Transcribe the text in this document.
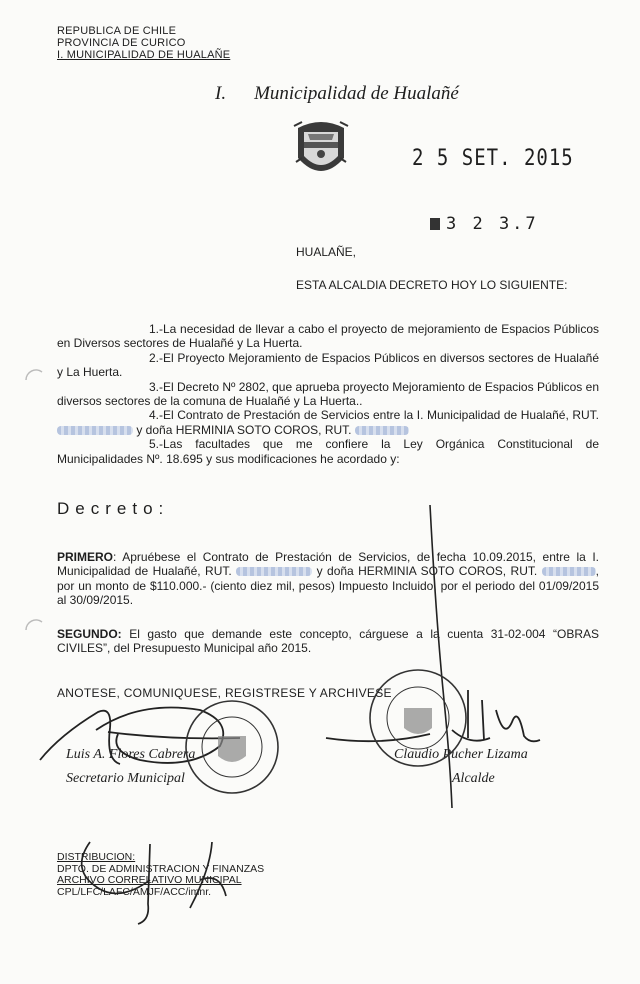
REPUBLICA DE CHILE
PROVINCIA DE CURICO
I. MUNICIPALIDAD DE HUALAÑE
I. Municipalidad de Hualañé
2 5 SET. 2015
3 2 3.7
HUALAÑE,
ESTA ALCALDIA DECRETO HOY LO SIGUIENTE:

1.-La necesidad de llevar a cabo el proyecto de mejoramiento de Espacios Públicos en Diversos sectores de Hualañé y La Huerta.

2.-El Proyecto Mejoramiento de Espacios Públicos en diversos sectores de Hualañé y La Huerta.

3.-El Decreto Nº 2802, que aprueba proyecto Mejoramiento de Espacios Públicos en diversos sectores de la comuna de Hualañé y La Huerta..

4.-El Contrato de Prestación de Servicios entre la I. Municipalidad de Hualañé, RUT.  y doña HERMINIA SOTO COROS, RUT.

5.-Las facultades que me confiere la Ley Orgánica Constitucional de Municipalidades Nº. 18.695 y sus modificaciones he acordado y:

Decreto:

PRIMERO: Apruébese el Contrato de Prestación de Servicios, de fecha 10.09.2015, entre la I. Municipalidad de Hualañé, RUT.	y doña HERMINIA SOTO COROS, RUT.	, por un monto de $110.000.- (ciento diez mil, pesos) Impuesto Incluido, por el periodo del 01/09/2015 al 30/09/2015.

SEGUNDO: El gasto que demande este concepto, cárguese a la cuenta 31-02-004 “OBRAS CIVILES”, del Presupuesto Municipal año 2015.

ANOTESE, COMUNIQUESE, REGISTRESE Y ARCHIVESE
Luis A. Flores Cabrera
Secretario Municipal
Claudio Pucher Lizama
Alcalde
DISTRIBUCION:
DPTO. DE ADMINISTRACION Y FINANZAS
ARCHIVO CORRELATIVO MUNICIPAL
CPL/LFC/LAFC/AMJF/ACC/imnr.
